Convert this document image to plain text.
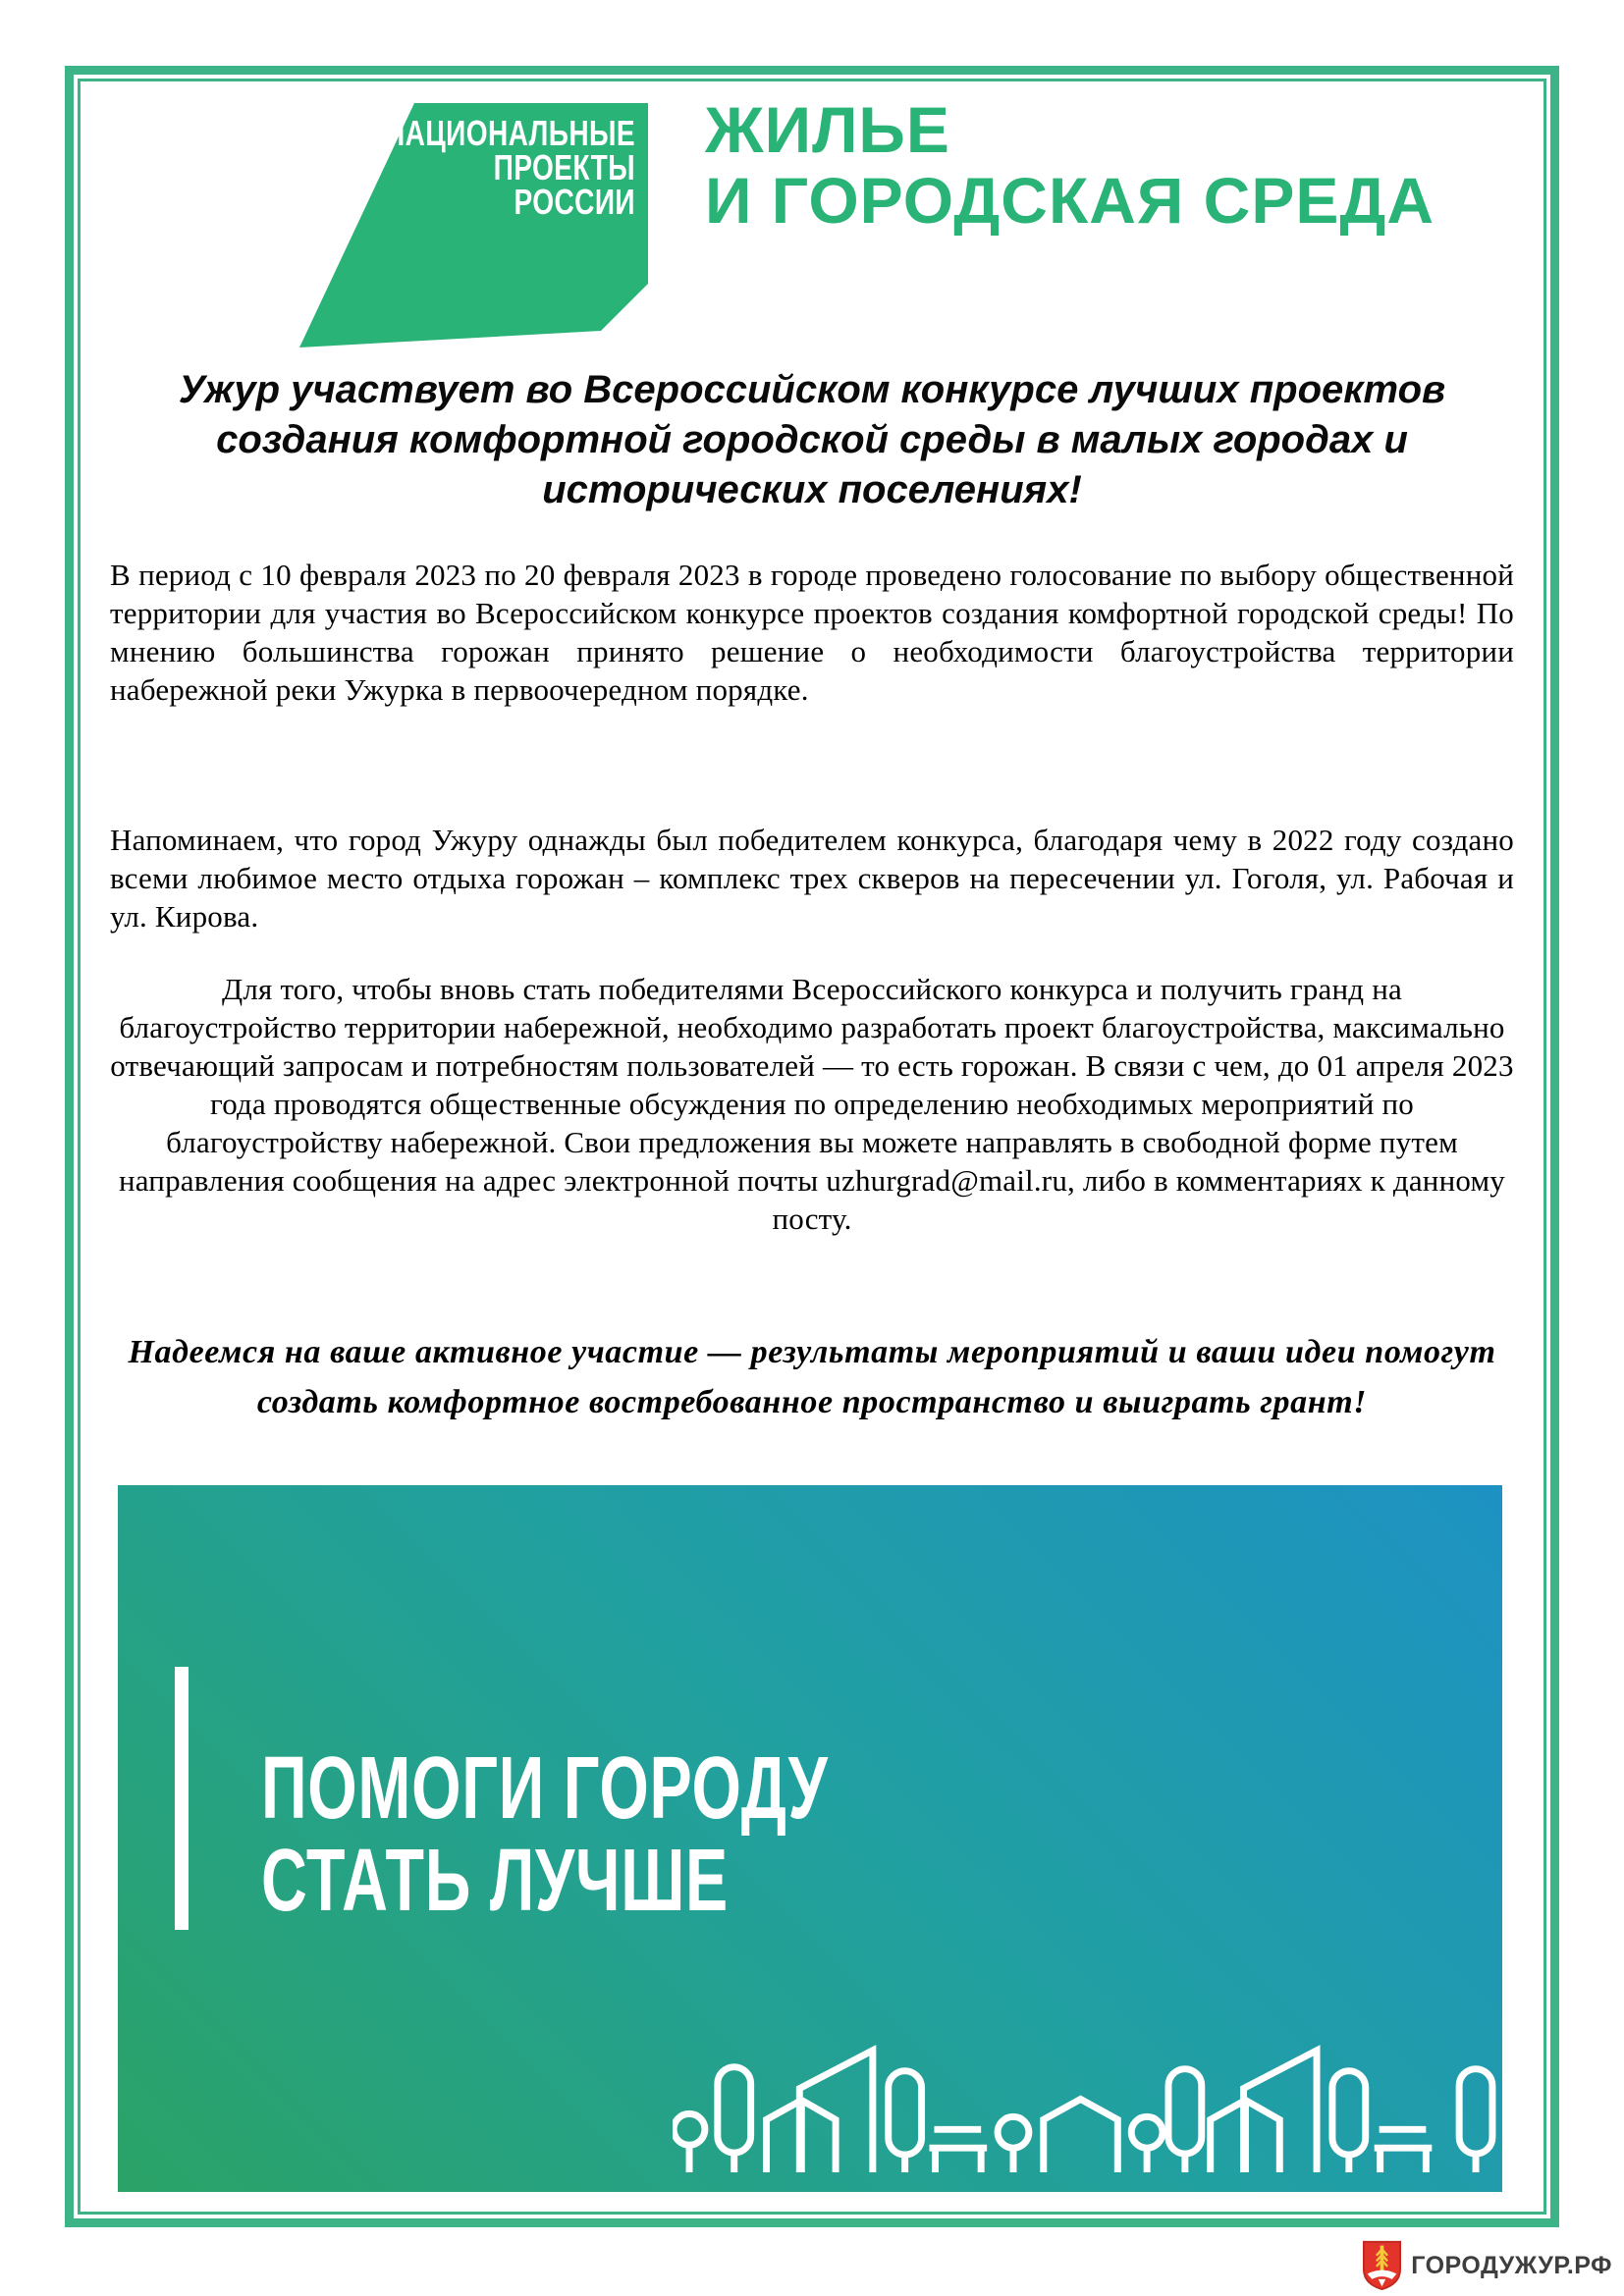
НАЦИОНАЛЬНЫЕ
ПРОЕКТЫ
РОССИИ
ЖИЛЬЕ
И ГОРОДСКАЯ СРЕДА
Ужур участвует во Всероссийском конкурсе лучших проектов
создания комфортной городской среды в малых городах и
исторических поселениях!
В период с 10 февраля 2023 по 20 февраля 2023 в городе проведено голосование по выбору общественной территории для участия во Всероссийском конкурсе проектов создания комфортной городской среды! По мнению большинства горожан принято решение о необходимости благоустройства территории набережной реки Ужурка в первоочередном порядке.
Напоминаем, что город Ужуру однажды был победителем конкурса, благодаря чему в 2022 году создано всеми любимое место отдыха горожан – комплекс трех скверов на пересечении ул. Гоголя, ул. Рабочая и ул. Кирова.
Для того, чтобы вновь стать победителями Всероссийского конкурса и получить гранд на благоустройство территории набережной, необходимо разработать проект благоустройства, максимально отвечающий запросам и потребностям пользователей — то есть горожан. В связи с чем, до 01 апреля 2023 года проводятся общественные обсуждения по определению необходимых мероприятий по благоустройству набережной. Свои предложения вы можете направлять в свободной форме путем направления сообщения на адрес электронной почты uzhurgrad@mail.ru, либо в комментариях к данному посту.
Надеемся на ваше активное участие — результаты мероприятий и ваши идеи помогут создать комфортное востребованное пространство и выиграть грант!
ПОМОГИ ГОРОДУ
СТАТЬ ЛУЧШЕ
ГОРОДУЖУР.РФ
